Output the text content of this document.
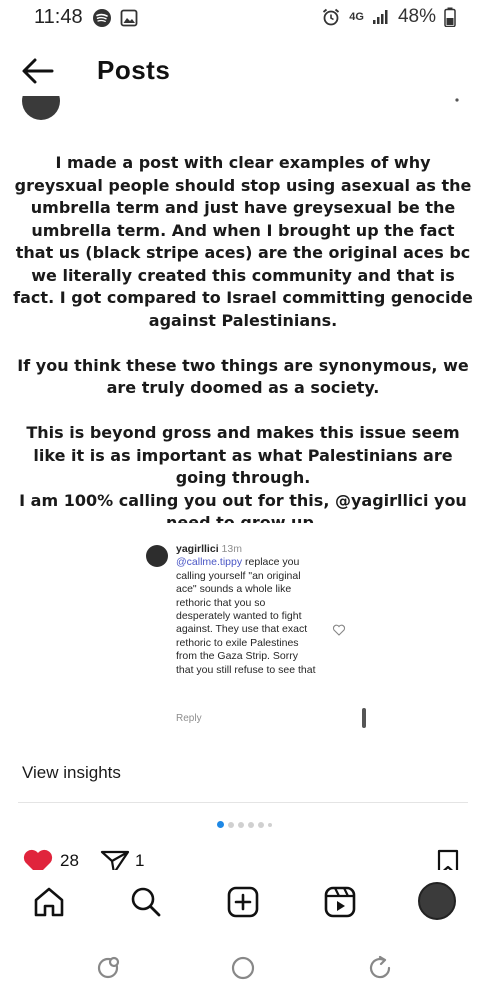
11:48	4G 48%
Posts

I made a post with clear examples of why greysxual people should stop using asexual as the umbrella term and just have greysexual be the umbrella term. And when I brought up the fact that us (black stripe aces) are the original aces bc we literally created this community and that is fact. I got compared to Israel committing genocide against Palestinians.

If you think these two things are synonymous, we are truly doomed as a society.

This is beyond gross and makes this issue seem like it is as important as what Palestinians are going through.

I am 100% calling you out for this, @yagirllici you

yagirllici 13m
@callme.tippy replace you calling yourself "an original ace" sounds a whole like rethoric that you so desperately wanted to fight against. They use that exact rethoric to exile Palestines from the Gaza Strip. Sorry that you still refuse to see that
Reply
View insights
28	1
